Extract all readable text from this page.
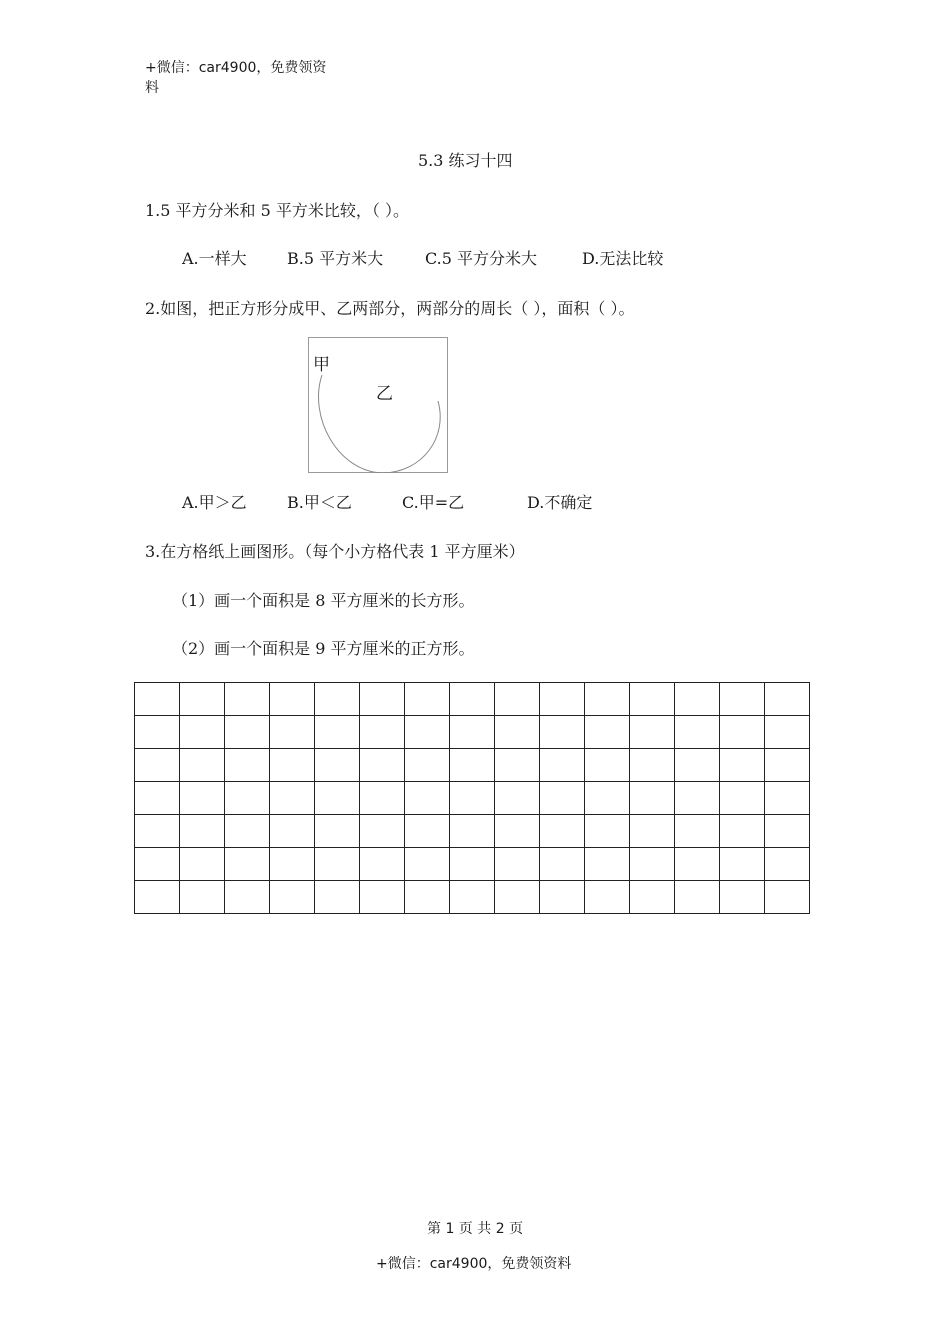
+微信：car4900，免费领资
料
5.3 练习十四
1.5 平方分米和 5 平方米比较，（ ）。
A.一样大	B.5 平方米大	C.5 平方分米大	D.无法比较
2.如图，把正方形分成甲、乙两部分，两部分的周长（ ），面积（ ）。
甲
乙
A.甲＞乙	B.甲＜乙	C.甲=乙	D.不确定
3.在方格纸上画图形。（每个小方格代表 1 平方厘米）
（1）画一个面积是 8 平方厘米的长方形。
（2）画一个面积是 9 平方厘米的正方形。

第 1 页 共 2 页
+微信：car4900，免费领资料
